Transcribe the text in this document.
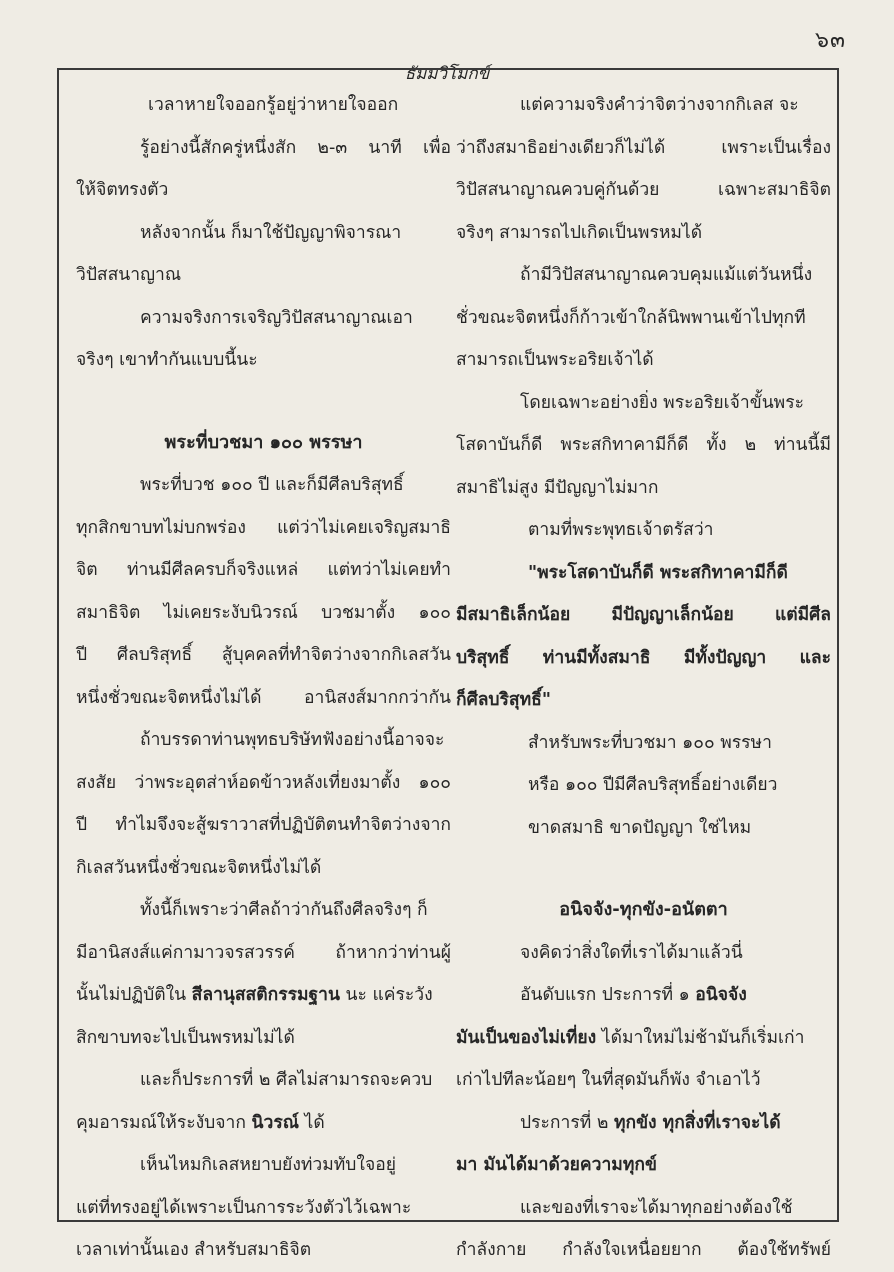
๖๓
ธัมมวิโมกข์

เวลาหายใจออกรู้อยู่ว่าหายใจออก

รู้อย่างนี้สักครู่หนึ่งสัก ๒-๓ นาที เพื่อ

ให้จิตทรงตัว

หลังจากนั้น ก็มาใช้ปัญญาพิจารณา

วิปัสสนาญาณ

ความจริงการเจริญวิปัสสนาญาณเอา

จริงๆ เขาทำกันแบบนี้นะ

พระที่บวชมา ๑๐๐ พรรษา

พระที่บวช ๑๐๐ ปี และก็มีศีลบริสุทธิ์

ทุกสิกขาบทไม่บกพร่อง แต่ว่าไม่เคยเจริญสมาธิ

จิต ท่านมีศีลครบก็จริงแหล่ แต่ทว่าไม่เคยทำ

สมาธิจิต ไม่เคยระงับนิวรณ์ บวชมาตั้ง ๑๐๐

ปี ศีลบริสุทธิ์ สู้บุคคลที่ทำจิตว่างจากกิเลสวัน

หนึ่งชั่วขณะจิตหนึ่งไม่ได้ อานิสงส์มากกว่ากัน

ถ้าบรรดาท่านพุทธบริษัทฟังอย่างนี้อาจจะ

สงสัย ว่าพระอุตส่าห์อดข้าวหลังเที่ยงมาตั้ง ๑๐๐

ปี ทำไมจึงจะสู้ฆราวาสที่ปฏิบัติตนทำจิตว่างจาก

กิเลสวันหนึ่งชั่วขณะจิตหนึ่งไม่ได้

ทั้งนี้ก็เพราะว่าศีลถ้าว่ากันถึงศีลจริงๆ ก็

มีอานิสงส์แค่กามาวจรสวรรค์ ถ้าหากว่าท่านผู้

นั้นไม่ปฏิบัติใน สีลานุสสติกรรมฐาน นะ แค่ระวัง

สิกขาบทจะไปเป็นพรหมไม่ได้

และก็ประการที่ ๒ ศีลไม่สามารถจะควบ

คุมอารมณ์ให้ระงับจาก นิวรณ์ ได้

เห็นไหมกิเลสหยาบยังท่วมทับใจอยู่

แต่ที่ทรงอยู่ได้เพราะเป็นการระวังตัวไว้เฉพาะ

เวลาเท่านั้นเอง สำหรับสมาธิจิต

แต่ความจริงคำว่าจิตว่างจากกิเลส จะ

ว่าถึงสมาธิอย่างเดียวก็ไม่ได้ เพราะเป็นเรื่อง

วิปัสสนาญาณควบคู่กันด้วย เฉพาะสมาธิจิต

จริงๆ สามารถไปเกิดเป็นพรหมได้

ถ้ามีวิปัสสนาญาณควบคุมแม้แต่วันหนึ่ง

ชั่วขณะจิตหนึ่งก็ก้าวเข้าใกล้นิพพานเข้าไปทุกที

สามารถเป็นพระอริยเจ้าได้

โดยเฉพาะอย่างยิ่ง พระอริยเจ้าขั้นพระ

โสดาบันก็ดี พระสกิทาคามีก็ดี ทั้ง ๒ ท่านนี้มี

สมาธิไม่สูง มีปัญญาไม่มาก

ตามที่พระพุทธเจ้าตรัสว่า

"พระโสดาบันก็ดี พระสกิทาคามีก็ดี

มีสมาธิเล็กน้อย มีปัญญาเล็กน้อย แต่มีศีล

บริสุทธิ์ ท่านมีทั้งสมาธิ มีทั้งปัญญา และ

ก็ศีลบริสุทธิ์"

สำหรับพระที่บวชมา ๑๐๐ พรรษา

หรือ ๑๐๐ ปีมีศีลบริสุทธิ์อย่างเดียว

ขาดสมาธิ ขาดปัญญา ใช่ไหม

อนิจจัง-ทุกขัง-อนัตตา

จงคิดว่าสิ่งใดที่เราได้มาแล้วนี่

อันดับแรก ประการที่ ๑ อนิจจัง

มันเป็นของไม่เที่ยง ได้มาใหม่ไม่ช้ามันก็เริ่มเก่า

เก่าไปทีละน้อยๆ ในที่สุดมันก็พัง จำเอาไว้

ประการที่ ๒ ทุกขัง ทุกสิ่งที่เราจะได้

มา มันได้มาด้วยความทุกข์

และของที่เราจะได้มาทุกอย่างต้องใช้

กำลังกาย กำลังใจเหนื่อยยาก ต้องใช้ทรัพย์
